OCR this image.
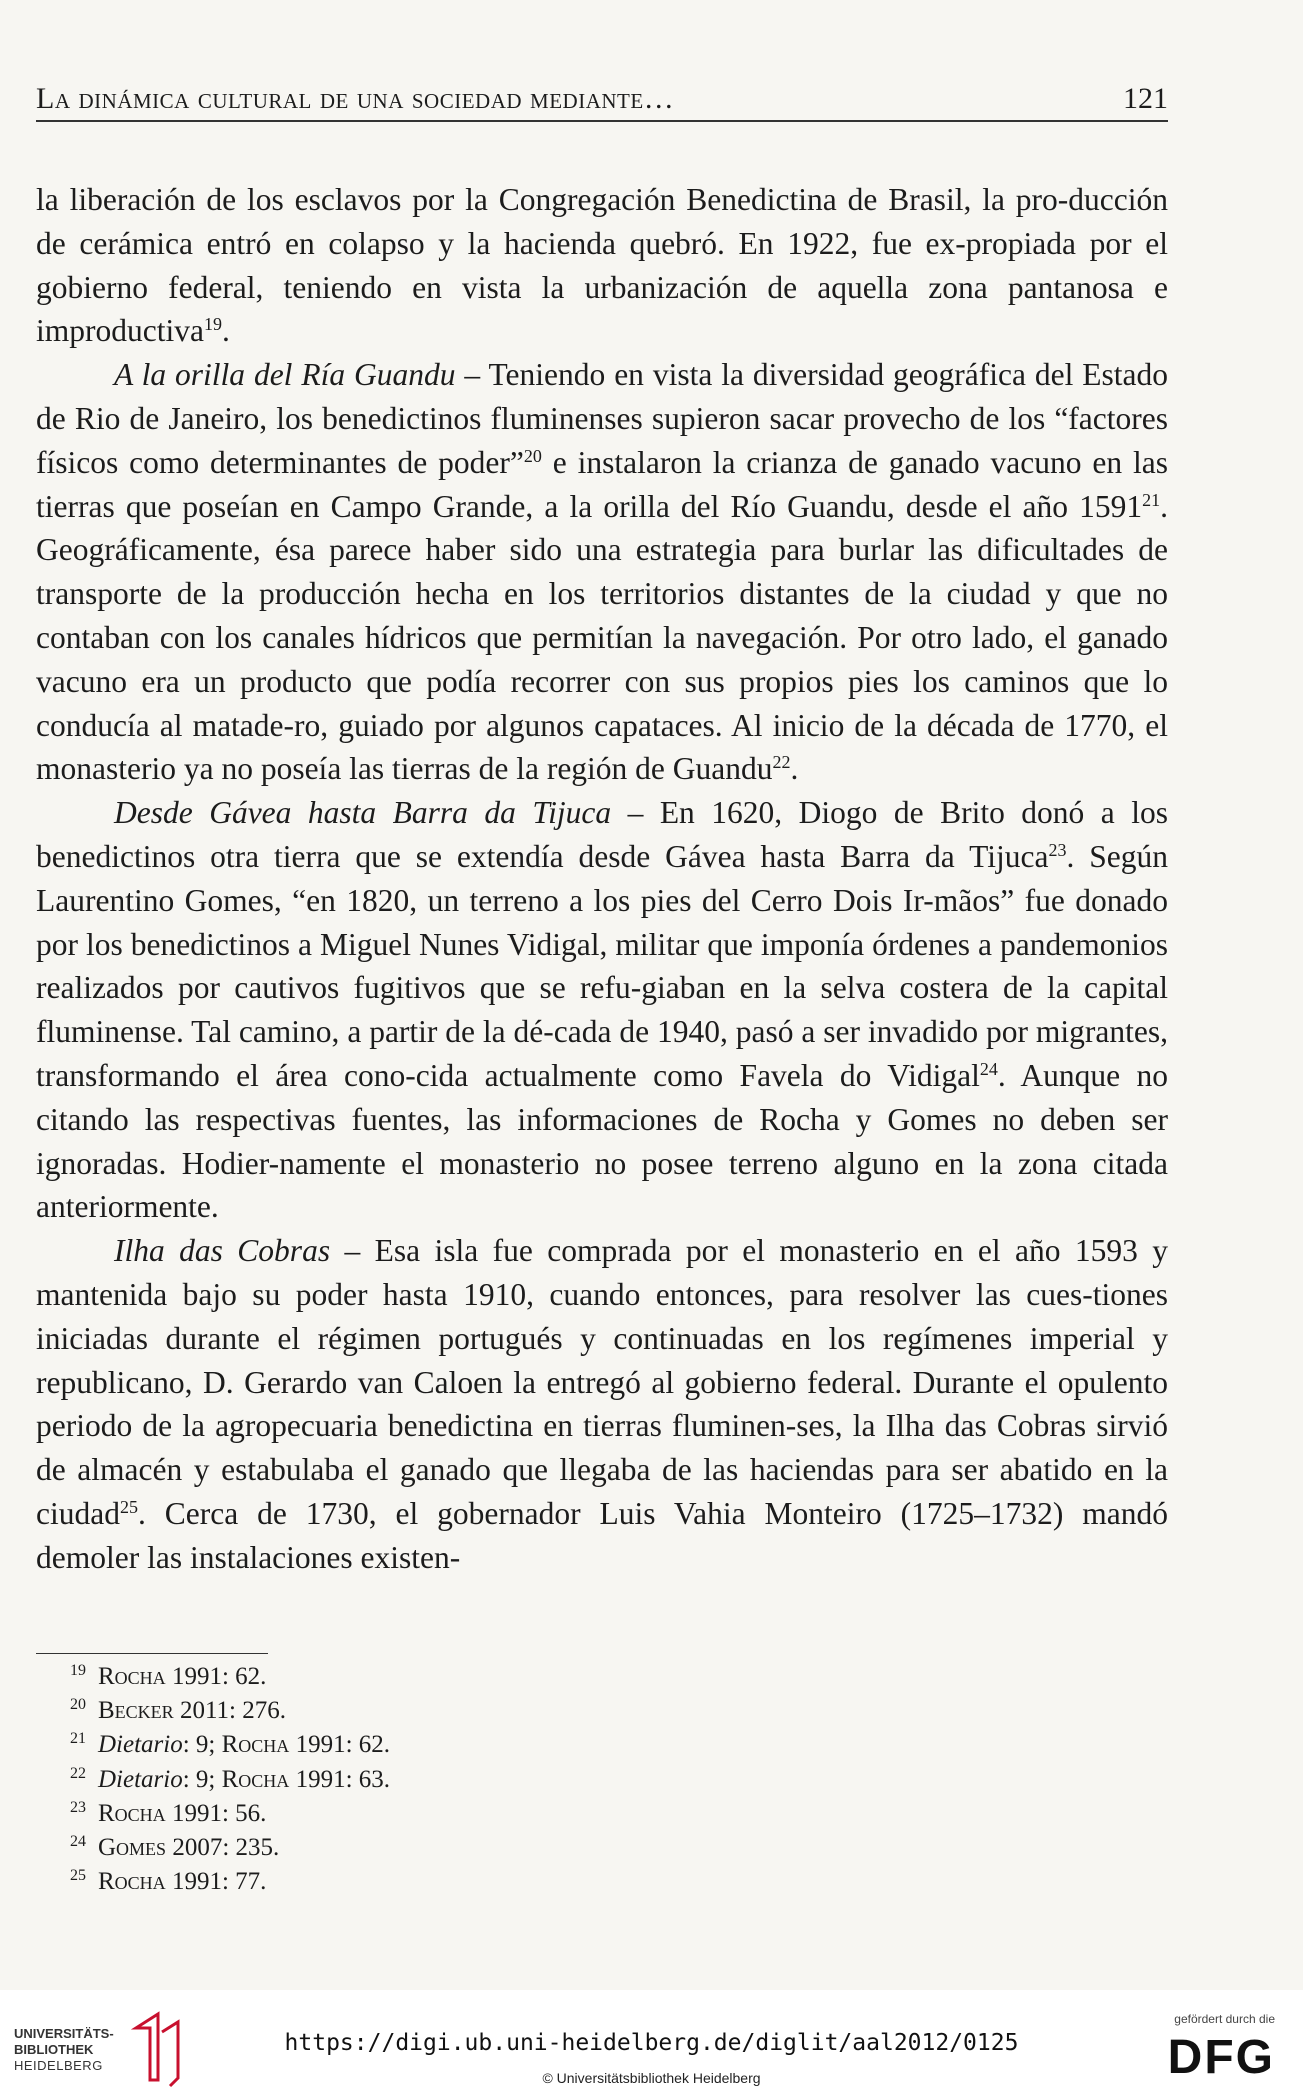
La dinámica cultural de una sociedad mediante…	121

la liberación de los esclavos por la Congregación Benedictina de Brasil, la pro-ducción de cerámica entró en colapso y la hacienda quebró. En 1922, fue ex-propiada por el gobierno federal, teniendo en vista la urbanización de aquella zona pantanosa e improductiva$^{19}$.

A la orilla del Ría Guandu – Teniendo en vista la diversidad geográfica del Estado de Rio de Janeiro, los benedictinos fluminenses supieron sacar provecho de los “factores físicos como determinantes de poder”$^{20}$ e instalaron la crianza de ganado vacuno en las tierras que poseían en Campo Grande, a la orilla del Río Guandu, desde el año 1591$^{21}$. Geográficamente, ésa parece haber sido una estrategia para burlar las dificultades de transporte de la producción hecha en los territorios distantes de la ciudad y que no contaban con los canales hídricos que permitían la navegación. Por otro lado, el ganado vacuno era un producto que podía recorrer con sus propios pies los caminos que lo conducía al matade-ro, guiado por algunos capataces. Al inicio de la década de 1770, el monasterio ya no poseía las tierras de la región de Guandu$^{22}$.

Desde Gávea hasta Barra da Tijuca – En 1620, Diogo de Brito donó a los benedictinos otra tierra que se extendía desde Gávea hasta Barra da Tijuca$^{23}$. Según Laurentino Gomes, “en 1820, un terreno a los pies del Cerro Dois Ir-mãos” fue donado por los benedictinos a Miguel Nunes Vidigal, militar que imponía órdenes a pandemonios realizados por cautivos fugitivos que se refu-giaban en la selva costera de la capital fluminense. Tal camino, a partir de la dé-cada de 1940, pasó a ser invadido por migrantes, transformando el área cono-cida actualmente como Favela do Vidigal$^{24}$. Aunque no citando las respectivas fuentes, las informaciones de Rocha y Gomes no deben ser ignoradas. Hodier-namente el monasterio no posee terreno alguno en la zona citada anteriormente.

Ilha das Cobras – Esa isla fue comprada por el monasterio en el año 1593 y mantenida bajo su poder hasta 1910, cuando entonces, para resolver las cues-tiones iniciadas durante el régimen portugués y continuadas en los regímenes imperial y republicano, D. Gerardo van Caloen la entregó al gobierno federal. Durante el opulento periodo de la agropecuaria benedictina en tierras fluminen-ses, la Ilha das Cobras sirvió de almacén y estabulaba el ganado que llegaba de las haciendas para ser abatido en la ciudad$^{25}$. Cerca de 1730, el gobernador Luis Vahia Monteiro (1725–1732) mandó demoler las instalaciones existen-

$^{19}$ Rocha 1991: 62.
$^{20}$ Becker 2011: 276.
$^{21}$ Dietario: 9; Rocha 1991: 62.
$^{22}$ Dietario: 9; Rocha 1991: 63.
$^{23}$ Rocha 1991: 56.
$^{24}$ Gomes 2007: 235.
$^{25}$ Rocha 1991: 77.
UNIVERSITÄTS-
BIBLIOTHEK
HEIDELBERG
https://digi.ub.uni-heidelberg.de/diglit/aal2012/0125
© Universitätsbibliothek Heidelberg
gefördert durch die
DFG
